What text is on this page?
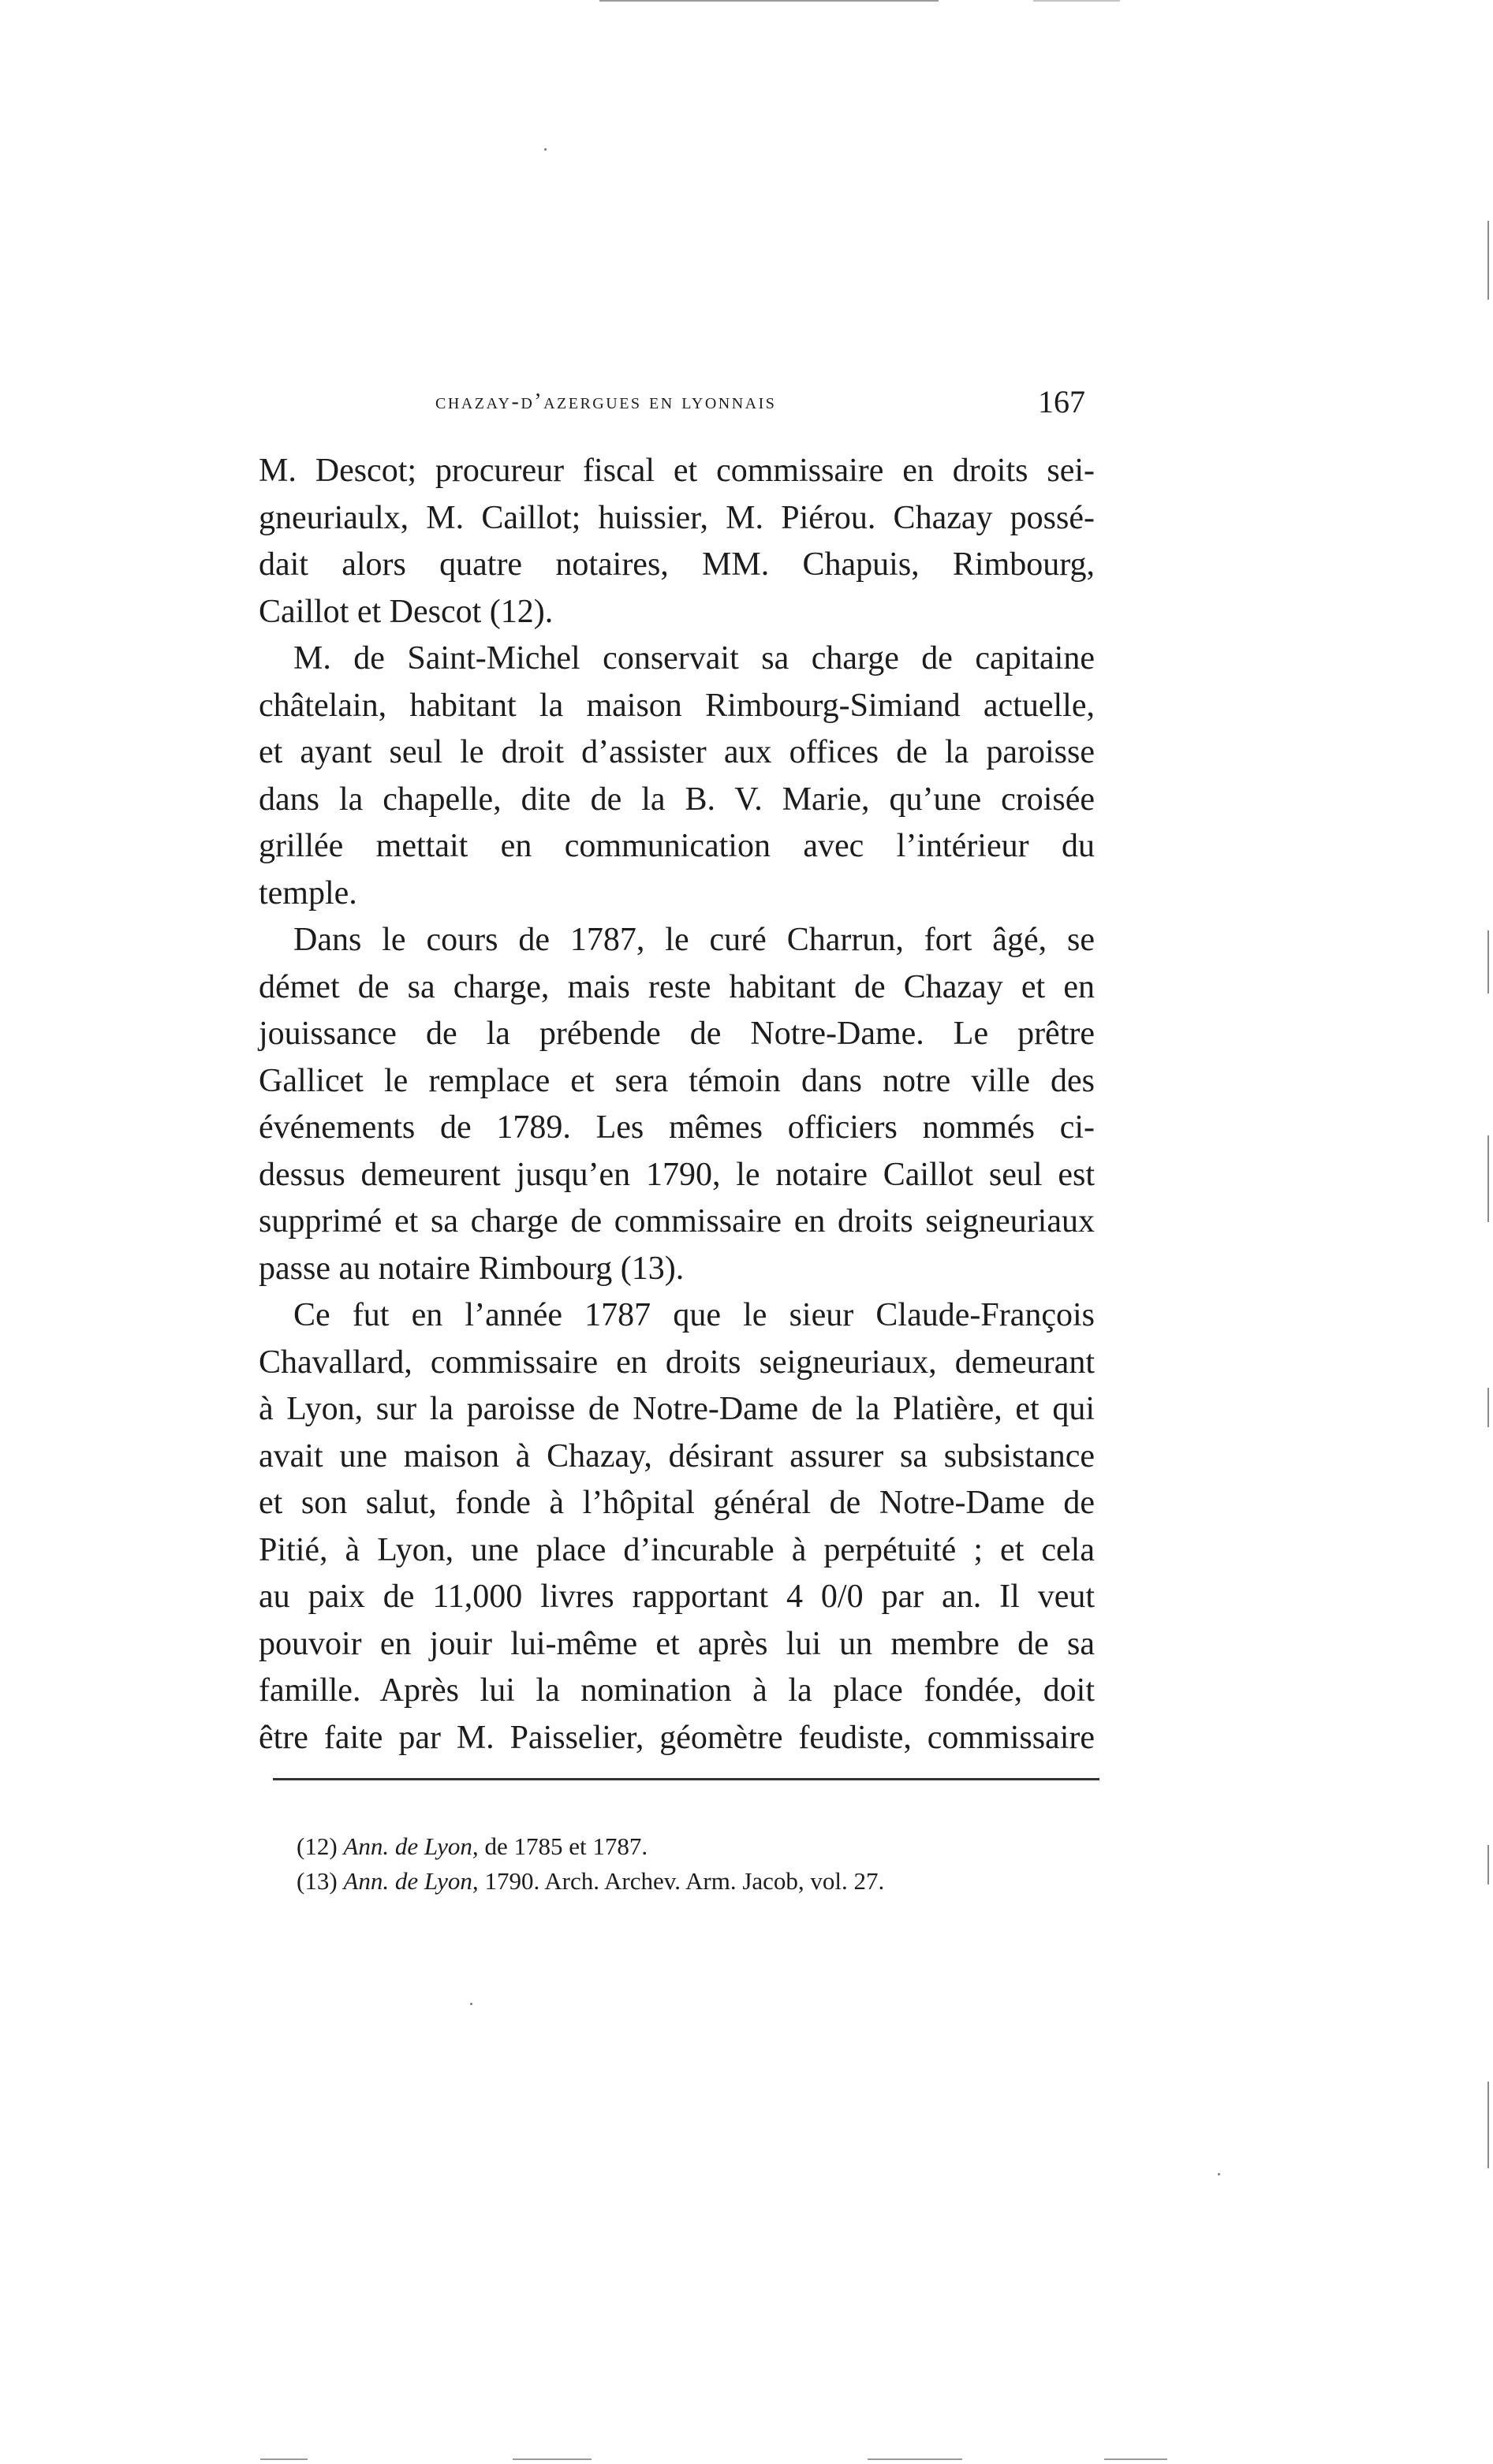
chazay-d’azergues en lyonnais	167
M. Descot; procureur fiscal et commissaire en droits sei-
gneuriaulx, M. Caillot; huissier, M. Piérou. Chazay possé-
dait alors quatre notaires, MM. Chapuis, Rimbourg,
Caillot et Descot (12).
M. de Saint-Michel conservait sa charge de capitaine
châtelain, habitant la maison Rimbourg-Simiand actuelle,
et ayant seul le droit d’assister aux offices de la paroisse
dans la chapelle, dite de la B. V. Marie, qu’une croisée
grillée mettait en communication avec l’intérieur du
temple.
Dans le cours de 1787, le curé Charrun, fort âgé, se
démet de sa charge, mais reste habitant de Chazay et en
jouissance de la prébende de Notre-Dame. Le prêtre
Gallicet le remplace et sera témoin dans notre ville des
événements de 1789. Les mêmes officiers nommés ci-
dessus demeurent jusqu’en 1790, le notaire Caillot seul est
supprimé et sa charge de commissaire en droits seigneuriaux
passe au notaire Rimbourg (13).
Ce fut en l’année 1787 que le sieur Claude-François
Chavallard, commissaire en droits seigneuriaux, demeurant
à Lyon, sur la paroisse de Notre-Dame de la Platière, et qui
avait une maison à Chazay, désirant assurer sa subsistance
et son salut, fonde à l’hôpital général de Notre-Dame de
Pitié, à Lyon, une place d’incurable à perpétuité ; et cela
au paix de 11,000 livres rapportant 4 0/0 par an. Il veut
pouvoir en jouir lui-même et après lui un membre de sa
famille. Après lui la nomination à la place fondée, doit
être faite par M. Paisselier, géomètre feudiste, commissaire
(12) Ann. de Lyon, de 1785 et 1787.
(13) Ann. de Lyon, 1790. Arch. Archev. Arm. Jacob, vol. 27.
